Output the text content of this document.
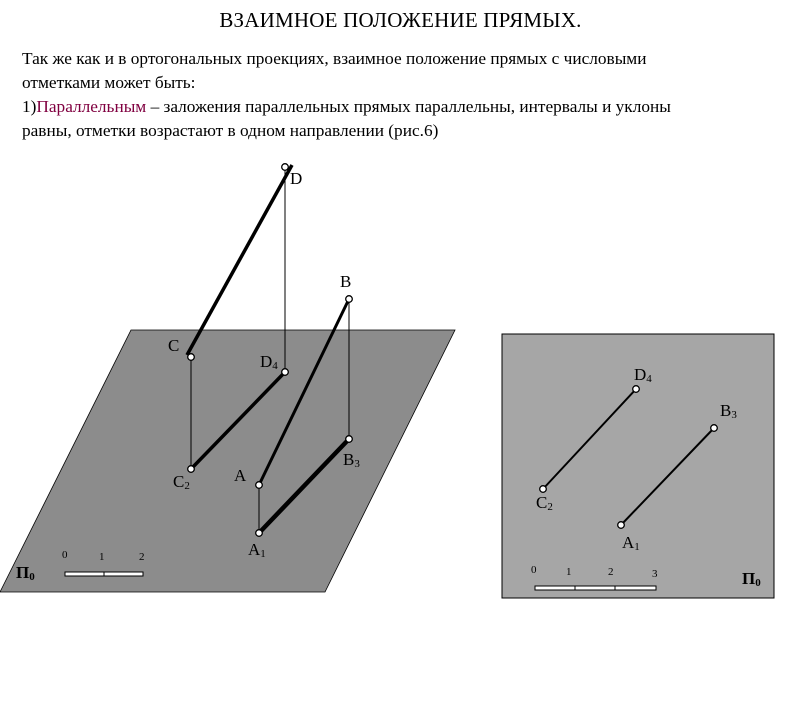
ВЗАИМНОЕ ПОЛОЖЕНИЕ ПРЯМЫХ.
Так же как и в ортогональных проекциях, взаимное положение прямых с числовыми
отметками может быть:
1)Параллельным – заложения параллельных прямых параллельны, интервалы и уклоны
равны, отметки возрастают в одном направлении (рис.6)
D
C
B
A
D4
C2
B3
A1
П0
0	1	2
D4
B3
C2
A1
П0
0	1	2	3
